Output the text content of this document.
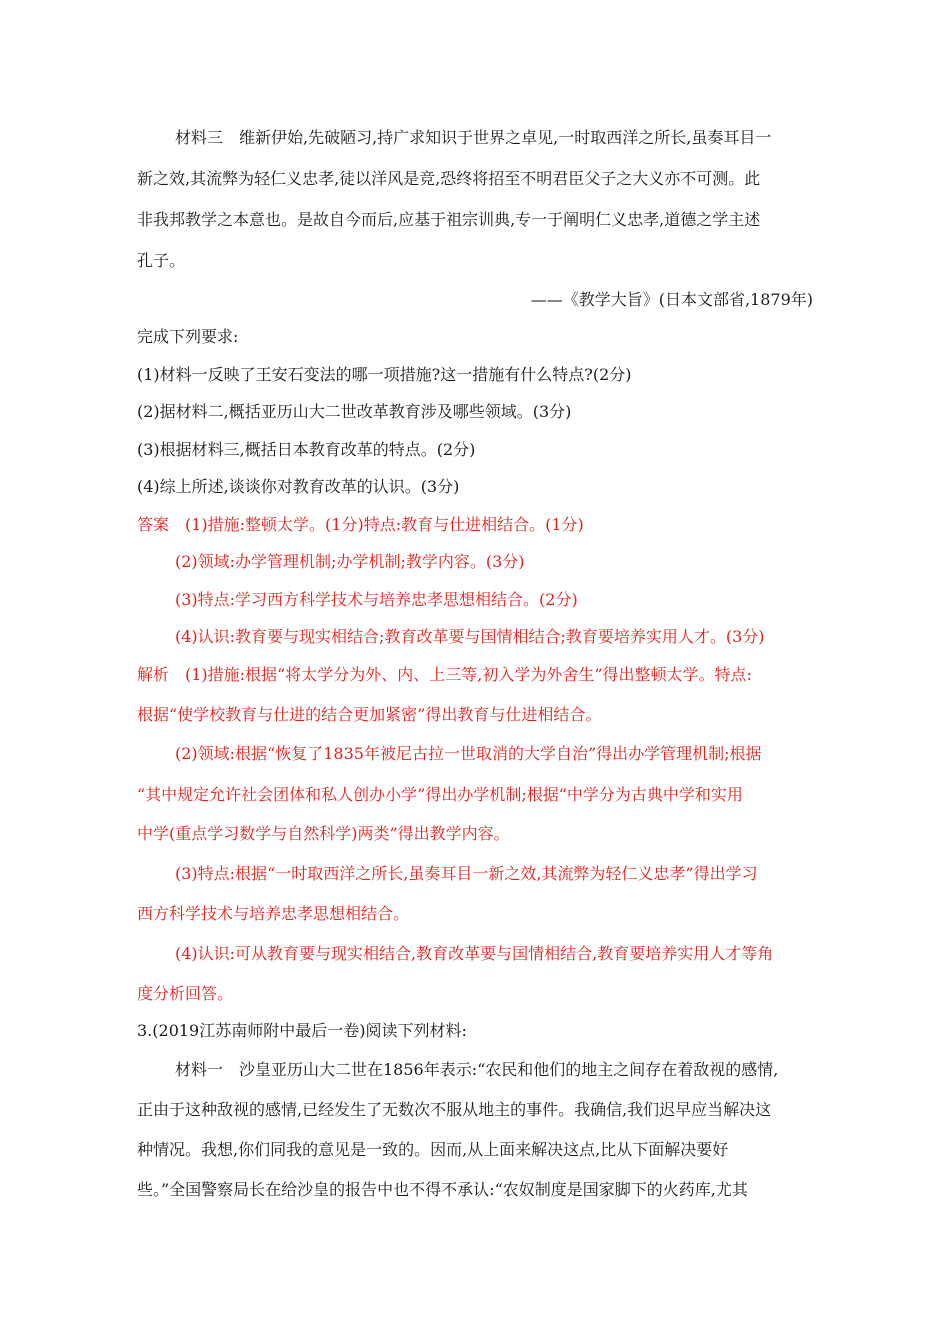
材料三　维新伊始,先破陋习,持广求知识于世界之卓见,一时取西洋之所长,虽奏耳目一
新之效,其流弊为轻仁义忠孝,徒以洋风是竞,恐终将招至不明君臣父子之大义亦不可测。此
非我邦教学之本意也。是故自今而后,应基于祖宗训典,专一于阐明仁义忠孝,道德之学主述
孔子。
——《教学大旨》(日本文部省,1879年)
完成下列要求:
(1)材料一反映了王安石变法的哪一项措施?这一措施有什么特点?(2分)
(2)据材料二,概括亚历山大二世改革教育涉及哪些领域。(3分)
(3)根据材料三,概括日本教育改革的特点。(2分)
(4)综上所述,谈谈你对教育改革的认识。(3分)
答案　(1)措施:整顿太学。(1分)特点:教育与仕进相结合。(1分)
(2)领域:办学管理机制;办学机制;教学内容。(3分)
(3)特点:学习西方科学技术与培养忠孝思想相结合。(2分)
(4)认识:教育要与现实相结合;教育改革要与国情相结合;教育要培养实用人才。(3分)
解析　(1)措施:根据“将太学分为外、内、上三等,初入学为外舍生”得出整顿太学。特点:
根据“使学校教育与仕进的结合更加紧密”得出教育与仕进相结合。
(2)领域:根据“恢复了1835年被尼古拉一世取消的大学自治”得出办学管理机制;根据
“其中规定允许社会团体和私人创办小学”得出办学机制;根据“中学分为古典中学和实用
中学(重点学习数学与自然科学)两类”得出教学内容。
(3)特点:根据“一时取西洋之所长,虽奏耳目一新之效,其流弊为轻仁义忠孝”得出学习
西方科学技术与培养忠孝思想相结合。
(4)认识:可从教育要与现实相结合,教育改革要与国情相结合,教育要培养实用人才等角
度分析回答。
3.(2019江苏南师附中最后一卷)阅读下列材料:
材料一　沙皇亚历山大二世在1856年表示:“农民和他们的地主之间存在着敌视的感情,
正由于这种敌视的感情,已经发生了无数次不服从地主的事件。我确信,我们迟早应当解决这
种情况。我想,你们同我的意见是一致的。因而,从上面来解决这点,比从下面解决要好
些。”全国警察局长在给沙皇的报告中也不得不承认:“农奴制度是国家脚下的火药库,尤其
